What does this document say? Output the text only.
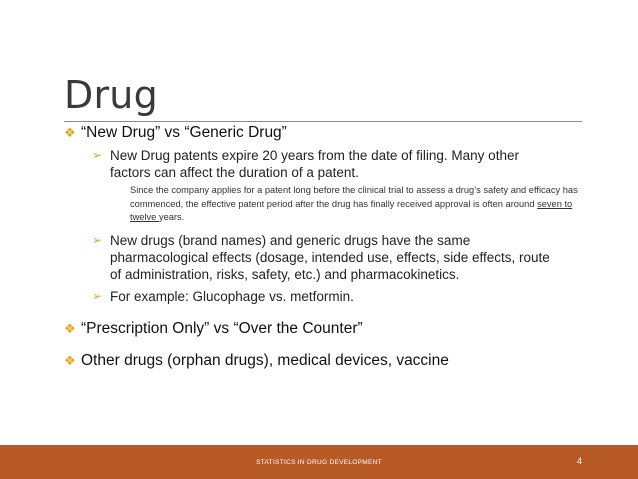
Drug
❖ “New Drug” vs “Generic Drug”
➢ New Drug patents expire 20 years from the date of filing. Many other factors can affect the duration of a patent.
Since the company applies for a patent long before the clinical trial to assess a drug’s safety and efficacy has commenced, the effective patent period after the drug has finally received approval is often around seven to twelve years.
➢ New drugs (brand names) and generic drugs have the same pharmacological effects (dosage, intended use, effects, side effects, route of administration, risks, safety, etc.) and pharmacokinetics.
➢ For example: Glucophage vs. metformin.
❖ “Prescription Only” vs “Over the Counter”
❖ Other drugs (orphan drugs), medical devices, vaccine
STATISTICS IN DRUG DEVELOPMENT	4
